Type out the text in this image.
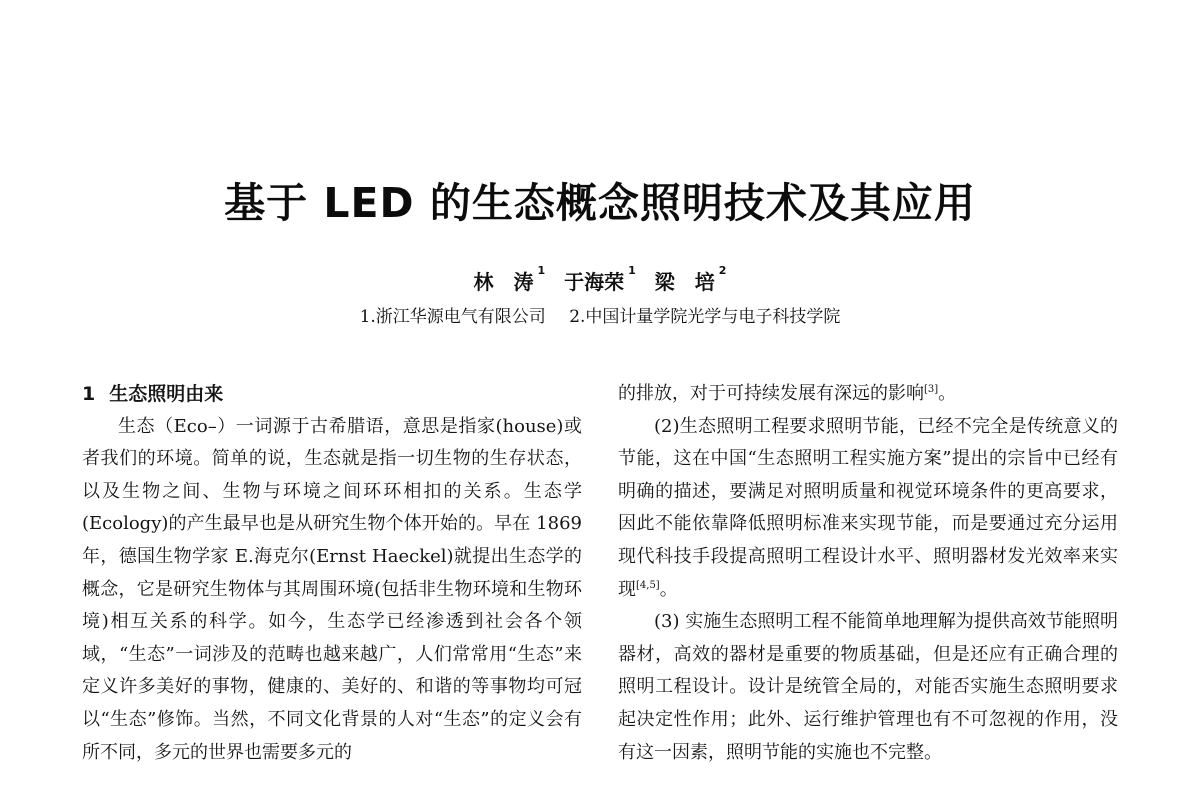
基于 LED 的生态概念照明技术及其应用
林　涛 $^1$ 于海荣 $^1$ 梁　培 $^2$
1.浙江华源电气有限公司 2.中国计量学院光学与电子科技学院
1 生态照明由来

生态（Eco–）一词源于古希腊语，意思是指家(house)或者我们的环境。简单的说，生态就是指一切生物的生存状态，以及生物之间、生物与环境之间环环相扣的关系。生态学(Ecology)的产生最早也是从研究生物个体开始的。早在 1869 年，德国生物学家 E.海克尔(Ernst Haeckel)就提出生态学的概念，它是研究生物体与其周围环境(包括非生物环境和生物环境)相互关系的科学。如今，生态学已经渗透到社会各个领域，“生态”一词涉及的范畴也越来越广，人们常常用“生态”来定义许多美好的事物，健康的、美好的、和谐的等事物均可冠以“生态”修饰。当然，不同文化背景的人对“生态”的定义会有所不同，多元的世界也需要多元的

的排放，对于可持续发展有深远的影响[3]。

(2)生态照明工程要求照明节能，已经不完全是传统意义的节能，这在中国“生态照明工程实施方案”提出的宗旨中已经有明确的描述，要满足对照明质量和视觉环境条件的更高要求，因此不能依靠降低照明标准来实现节能，而是要通过充分运用现代科技手段提高照明工程设计水平、照明器材发光效率来实现[4,5]。

(3) 实施生态照明工程不能简单地理解为提供高效节能照明器材，高效的器材是重要的物质基础，但是还应有正确合理的照明工程设计。设计是统管全局的，对能否实施生态照明要求起决定性作用；此外、运行维护管理也有不可忽视的作用，没有这一因素，照明节能的实施也不完整。
